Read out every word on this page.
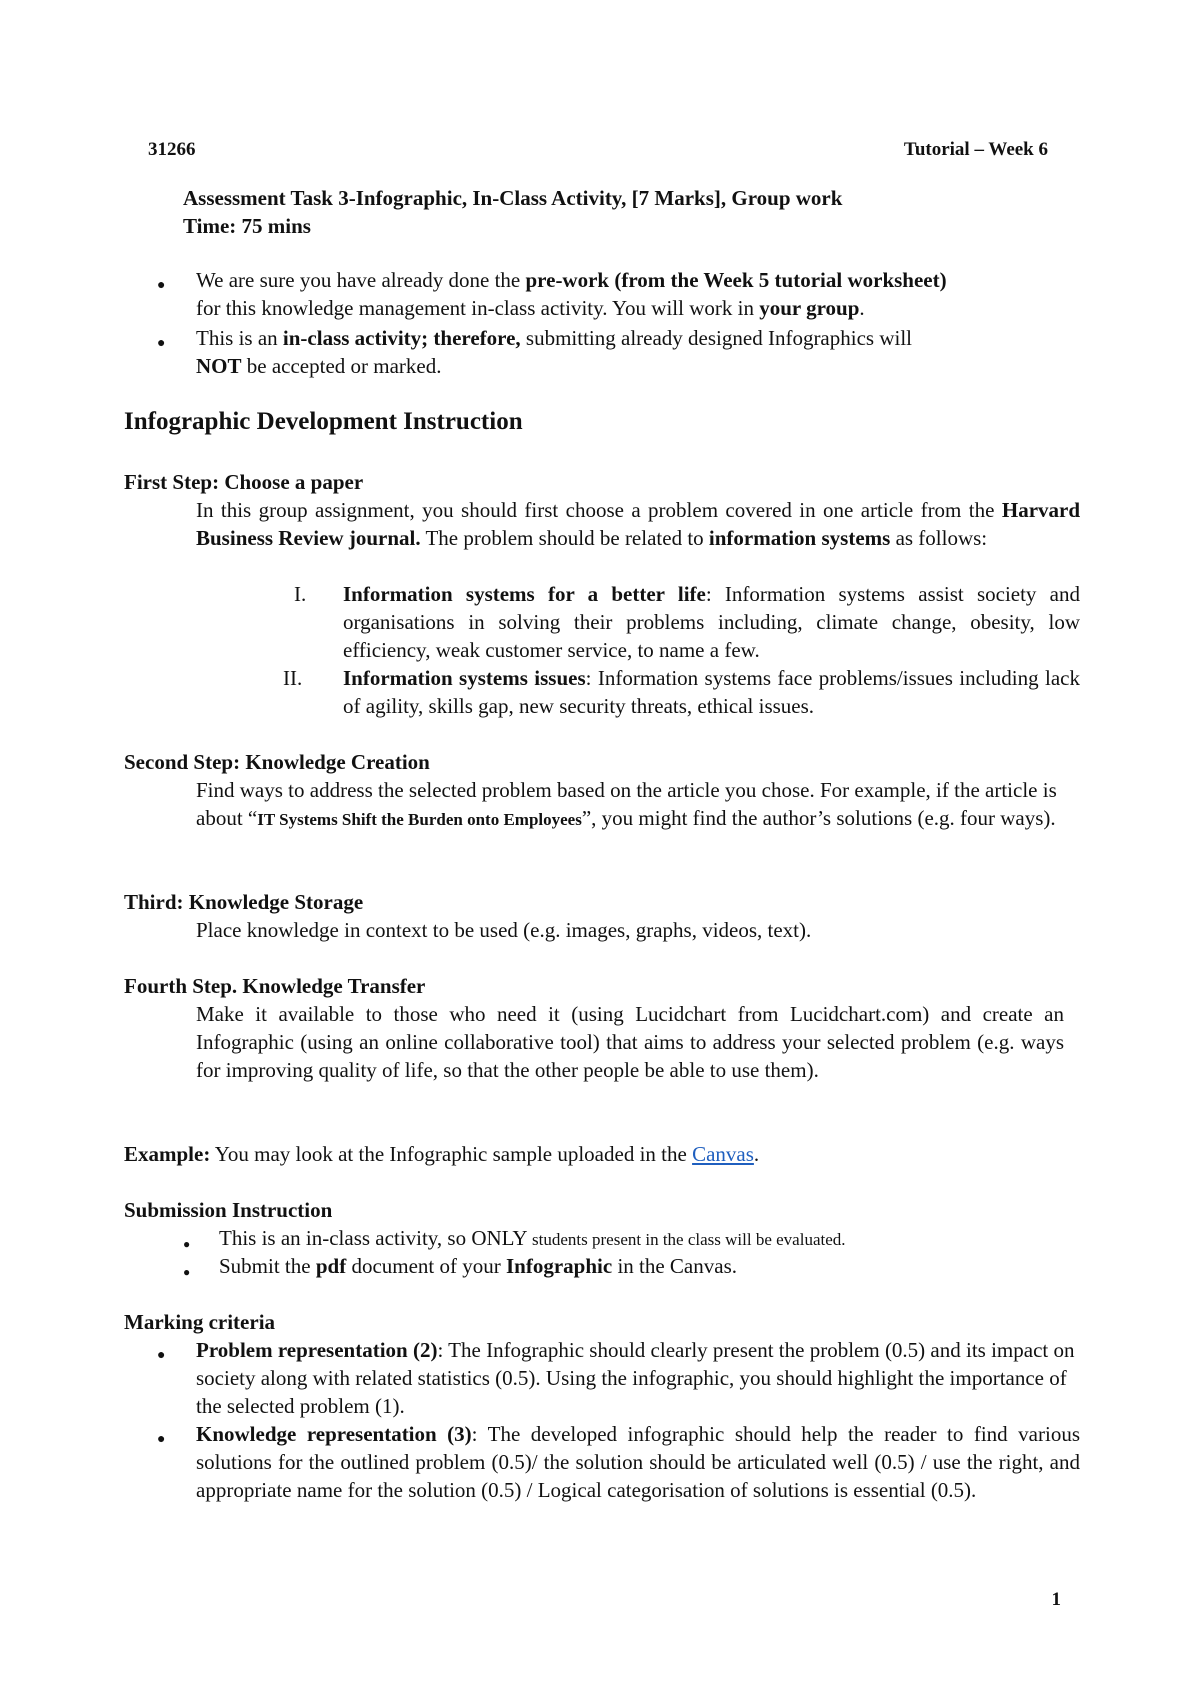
31266	Tutorial – Week 6
Assessment Task 3-Infographic, In-Class Activity, [7 Marks], Group work
Time: 75 mins
● We are sure you have already done the pre-work (from the Week 5 tutorial worksheet)
for this knowledge management in-class activity. You will work in your group.
● This is an in-class activity; therefore, submitting already designed Infographics will
NOT be accepted or marked.
Infographic Development Instruction
First Step: Choose a paper
In this group assignment, you should first choose a problem covered in one article from the Harvard Business Review journal. The problem should be related to information systems as follows:
I. Information systems for a better life: Information systems assist society and organisations in solving their problems including, climate change, obesity, low efficiency, weak customer service, to name a few.
II. Information systems issues: Information systems face problems/issues including lack of agility, skills gap, new security threats, ethical issues.
Second Step: Knowledge Creation
Find ways to address the selected problem based on the article you chose. For example, if the article is about “IT Systems Shift the Burden onto Employees”, you might find the author’s solutions (e.g. four ways).
Third: Knowledge Storage
Place knowledge in context to be used (e.g. images, graphs, videos, text).
Fourth Step. Knowledge Transfer
Make it available to those who need it (using Lucidchart from Lucidchart.com) and create an Infographic (using an online collaborative tool) that aims to address your selected problem (e.g. ways for improving quality of life, so that the other people be able to use them).
Example: You may look at the Infographic sample uploaded in the Canvas.
Submission Instruction
● This is an in-class activity, so ONLY students present in the class will be evaluated.
● Submit the pdf document of your Infographic in the Canvas.
Marking criteria
● Problem representation (2): The Infographic should clearly present the problem (0.5) and its impact on society along with related statistics (0.5). Using the infographic, you should highlight the importance of the selected problem (1).
● Knowledge representation (3): The developed infographic should help the reader to find various solutions for the outlined problem (0.5)/ the solution should be articulated well (0.5) / use the right, and appropriate name for the solution (0.5) / Logical categorisation of solutions is essential (0.5).
1
